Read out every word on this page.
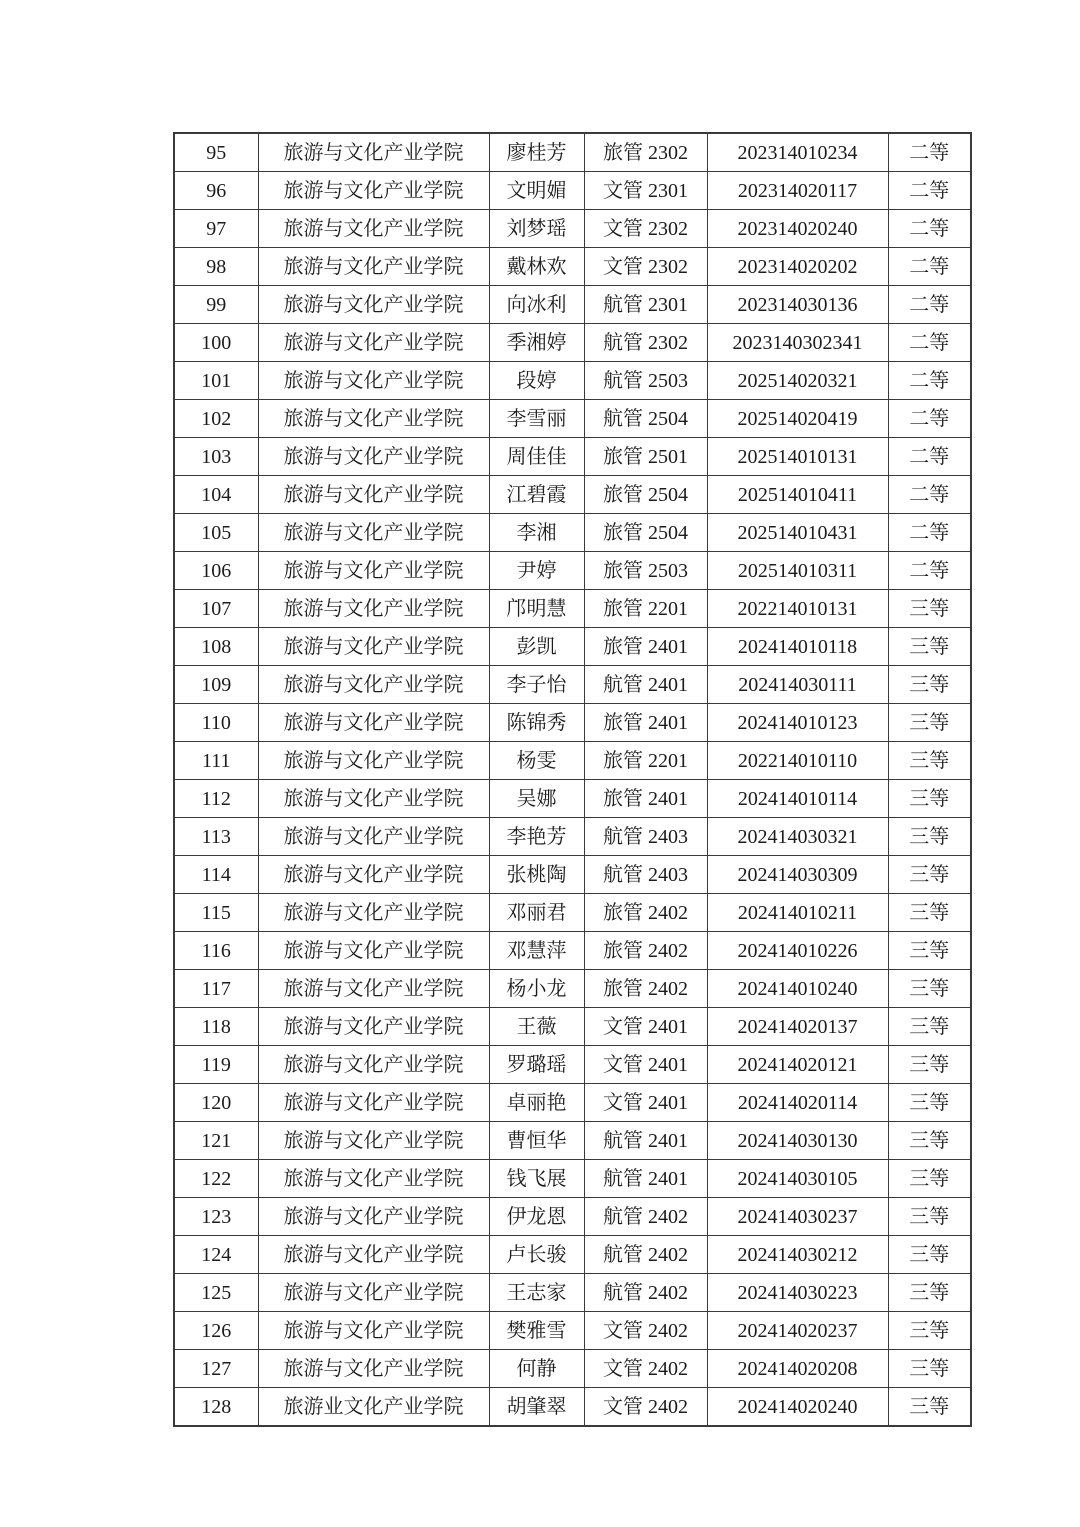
95	旅游与文化产业学院	廖桂芳	旅管 2302	202314010234	二等
96	旅游与文化产业学院	文明媚	文管 2301	202314020117	二等
97	旅游与文化产业学院	刘梦瑶	文管 2302	202314020240	二等
98	旅游与文化产业学院	戴林欢	文管 2302	202314020202	二等
99	旅游与文化产业学院	向冰利	航管 2301	202314030136	二等
100	旅游与文化产业学院	季湘婷	航管 2302	2023140302341	二等
101	旅游与文化产业学院	段婷	航管 2503	202514020321	二等
102	旅游与文化产业学院	李雪丽	航管 2504	202514020419	二等
103	旅游与文化产业学院	周佳佳	旅管 2501	202514010131	二等
104	旅游与文化产业学院	江碧霞	旅管 2504	202514010411	二等
105	旅游与文化产业学院	李湘	旅管 2504	202514010431	二等
106	旅游与文化产业学院	尹婷	旅管 2503	202514010311	二等
107	旅游与文化产业学院	邝明慧	旅管 2201	202214010131	三等
108	旅游与文化产业学院	彭凯	旅管 2401	202414010118	三等
109	旅游与文化产业学院	李子怡	航管 2401	202414030111	三等
110	旅游与文化产业学院	陈锦秀	旅管 2401	202414010123	三等
111	旅游与文化产业学院	杨雯	旅管 2201	202214010110	三等
112	旅游与文化产业学院	吴娜	旅管 2401	202414010114	三等
113	旅游与文化产业学院	李艳芳	航管 2403	202414030321	三等
114	旅游与文化产业学院	张桃陶	航管 2403	202414030309	三等
115	旅游与文化产业学院	邓丽君	旅管 2402	202414010211	三等
116	旅游与文化产业学院	邓慧萍	旅管 2402	202414010226	三等
117	旅游与文化产业学院	杨小龙	旅管 2402	202414010240	三等
118	旅游与文化产业学院	王薇	文管 2401	202414020137	三等
119	旅游与文化产业学院	罗璐瑶	文管 2401	202414020121	三等
120	旅游与文化产业学院	卓丽艳	文管 2401	202414020114	三等
121	旅游与文化产业学院	曹恒华	航管 2401	202414030130	三等
122	旅游与文化产业学院	钱飞展	航管 2401	202414030105	三等
123	旅游与文化产业学院	伊龙恩	航管 2402	202414030237	三等
124	旅游与文化产业学院	卢长骏	航管 2402	202414030212	三等
125	旅游与文化产业学院	王志家	航管 2402	202414030223	三等
126	旅游与文化产业学院	樊雅雪	文管 2402	202414020237	三等
127	旅游与文化产业学院	何静	文管 2402	202414020208	三等
128	旅游业文化产业学院	胡肇翠	文管 2402	202414020240	三等
